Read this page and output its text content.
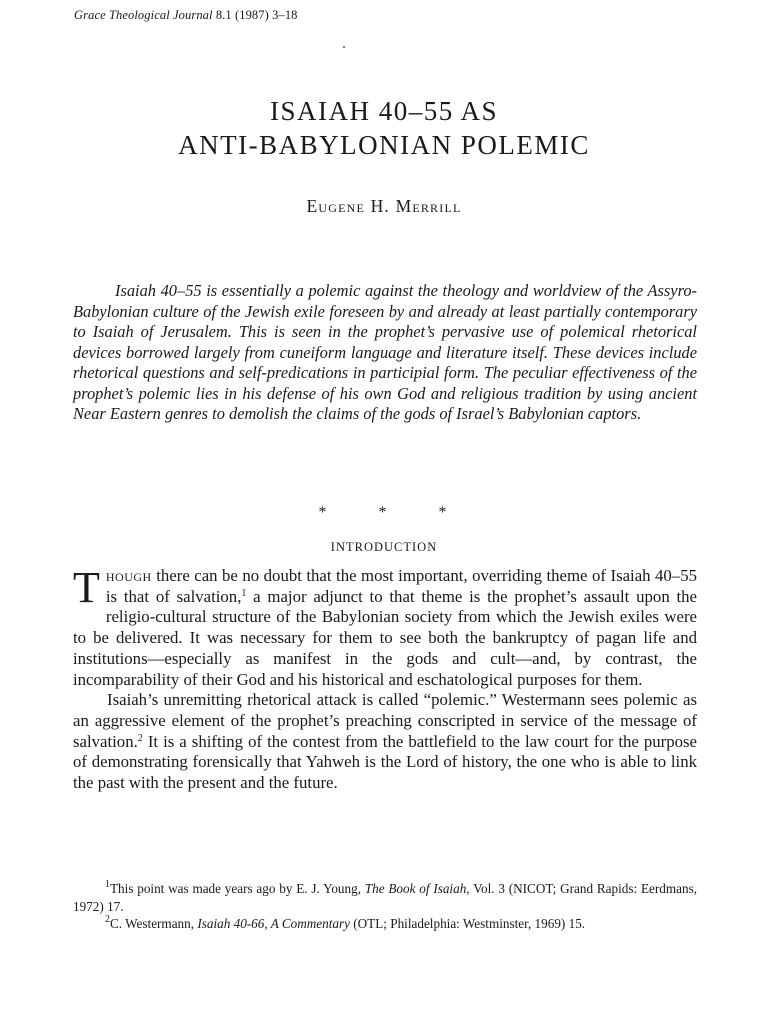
Grace Theological Journal 8.1 (1987) 3–18
ISAIAH 40–55 AS
ANTI-BABYLONIAN POLEMIC
Eugene H. Merrill

Isaiah 40–55 is essentially a polemic against the theology and worldview of the Assyro-Babylonian culture of the Jewish exile foreseen by and already at least partially contemporary to Isaiah of Jerusalem. This is seen in the prophet’s pervasive use of polemical rhetorical devices borrowed largely from cuneiform language and literature itself. These devices include rhetorical questions and self-predications in participial form. The peculiar effectiveness of the prophet’s polemic lies in his defense of his own God and religious tradition by using ancient Near Eastern genres to demolish the claims of the gods of Israel’s Babylonian captors.

* * *
INTRODUCTION

Though there can be no doubt that the most important, overriding theme of Isaiah 40–55 is that of salvation,$^1$ a major adjunct to that theme is the prophet’s assault upon the religio-cultural structure of the Babylonian society from which the Jewish exiles were to be delivered. It was necessary for them to see both the bankruptcy of pagan life and institutions—especially as manifest in the gods and cult—and, by contrast, the incomparability of their God and his historical and eschatological purposes for them.

Isaiah’s unremitting rhetorical attack is called “polemic.” Westermann sees polemic as an aggressive element of the prophet’s preaching conscripted in service of the message of salvation.$^2$ It is a shifting of the contest from the battlefield to the law court for the purpose of demonstrating forensically that Yahweh is the Lord of history, the one who is able to link the past with the present and the future.

$^1$This point was made years ago by E. J. Young, The Book of Isaiah, Vol. 3 (NICOT; Grand Rapids: Eerdmans, 1972) 17.

$^2$C. Westermann, Isaiah 40-66, A Commentary (OTL; Philadelphia: Westminster, 1969) 15.
